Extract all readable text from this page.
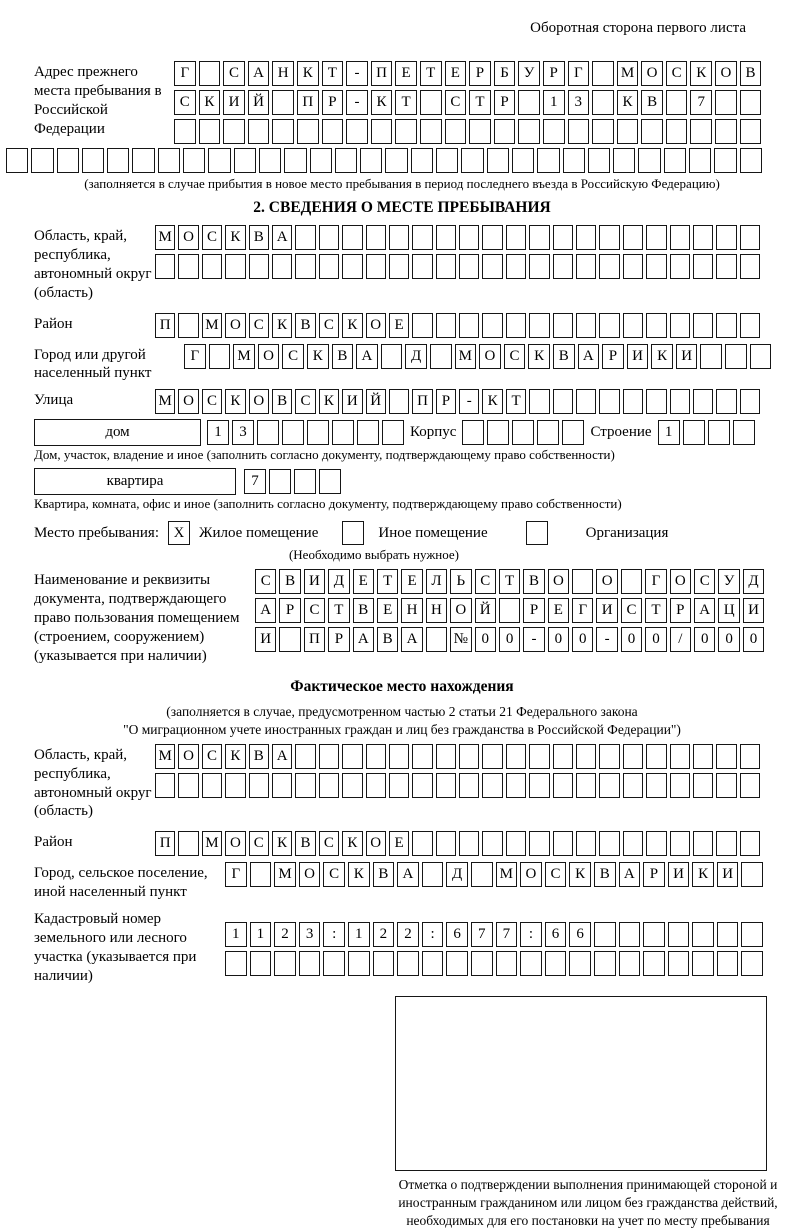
Оборотная сторона первого листа
Адрес прежнего места пребывания в Российской Федерации
Г	С А Н К	Т	-	П Е	Т	Е	Р	Б У	Р	Г	М О С К О В
С К И Й	П	Р	-	К	Т	С	Т	Р	1	3	К В	7
(заполняется в случае прибытия в новое место пребывания в период последнего въезда в Российскую Федерацию)
2. СВЕДЕНИЯ О МЕСТЕ ПРЕБЫВАНИЯ
Область, край, республика, автономный округ (область)
М О С К В А
Район	П	М О С К В С К О Е
Город или другой населенный пункт
Г	М О С К В А	Д	М О С К В А	Р	И К И
Улица	М О С К О В С К И Й	П Р	-	К Т
дом	1	3	Корпус	Строение 1
Дом, участок, владение и иное (заполнить согласно документу, подтверждающему право собственности)
квартира	7
Квартира, комната, офис и иное (заполнить согласно документу, подтверждающему право собственности)
Место пребывания:	X Жилое помещение	Иное помещение	Организация
(Необходимо выбрать нужное)
Наименование и реквизиты документа, подтверждающего право пользования помещением (строением, сооружением) (указывается при наличии)
С В И Д Е	Т	Е Л Ь	С Т В О	О	Г О С У Д
А Р	С Т В Е Н Н О Й	Р	Е	Г И С Т	Р А Ц И
И	П Р А В А	№ 0	0	-	0	0	-	0	0	/	0	0	0
Фактическое место нахождения
(заполняется в случае, предусмотренном частью 2 статьи 21 Федерального закона
"О миграционном учете иностранных граждан и лиц без гражданства в Российской Федерации")
Область, край, республика, автономный округ (область)
М О С К В А
Район	П	М О С К В С К О Е
Город, сельское поселение, иной населенный пункт
Г	М О С К В А	Д	М О С К В А	Р	И К И
Кадастровый номер земельного или лесного участка (указывается при наличии)
1	1	2	3	:	1	2	2	:	6	7	7	:	6	6
Отметка о подтверждении выполнения принимающей стороной и иностранным гражданином или лицом без гражданства действий, необходимых для его постановки на учет по месту пребывания
